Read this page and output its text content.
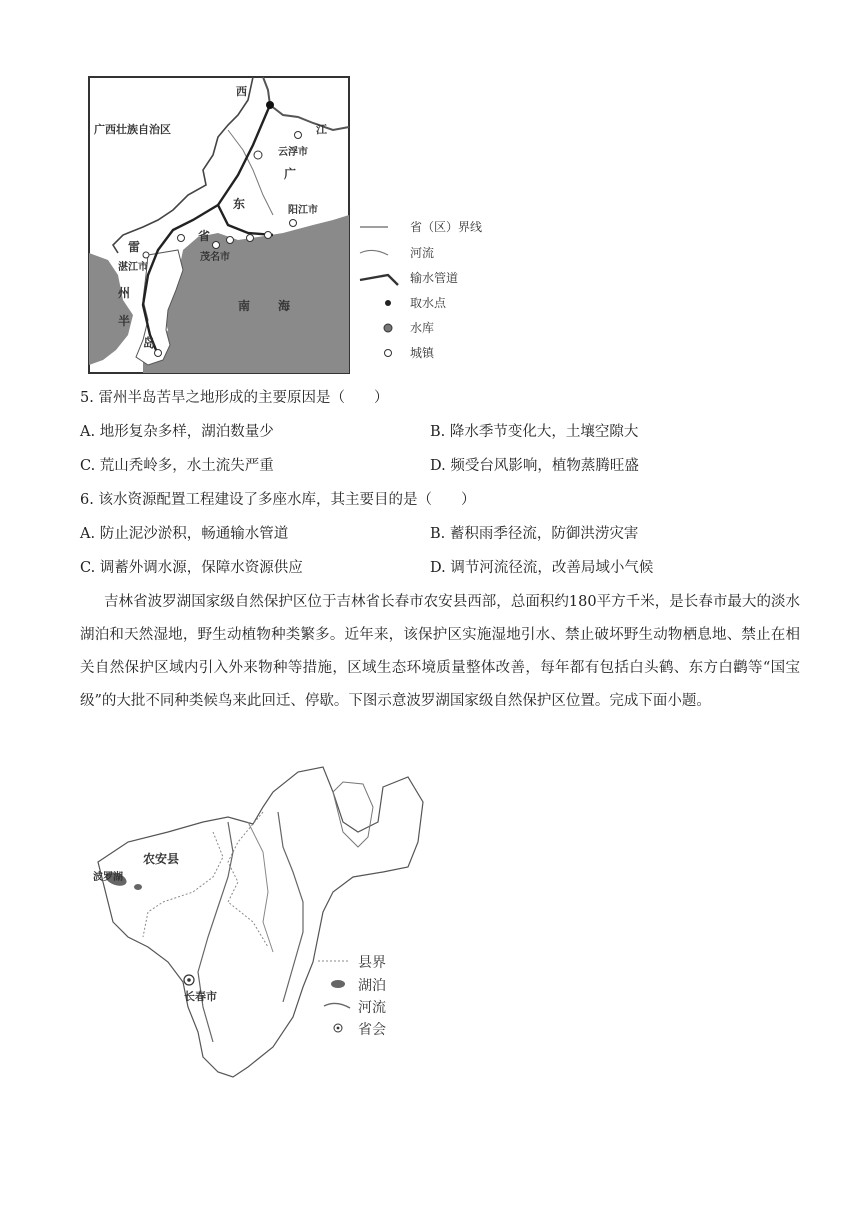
广西壮族自治区
西
江
云浮市
广
东	阳江市
雷
省
湛江市
茂名市
州
半
岛
南 海
省（区）界线
河流
输水管道
取水点
水库
城镇
5. 雷州半岛苦旱之地形成的主要原因是（　　）
A. 地形复杂多样，湖泊数量少	B. 降水季节变化大，土壤空隙大
C. 荒山秃岭多，水土流失严重	D. 频受台风影响，植物蒸腾旺盛
6. 该水资源配置工程建设了多座水库，其主要目的是（　　）
A. 防止泥沙淤积，畅通输水管道	B. 蓄积雨季径流，防御洪涝灾害
C. 调蓄外调水源，保障水资源供应	D. 调节河流径流，改善局域小气候
吉林省波罗湖国家级自然保护区位于吉林省长春市农安县西部，总面积约180平方千米，是长春市最大的淡水湖泊和天然湿地，野生动植物种类繁多。近年来，该保护区实施湿地引水、禁止破坏野生动物栖息地、禁止在相关自然保护区域内引入外来物种等措施，区域生态环境质量整体改善，每年都有包括白头鹤、东方白鹳等“国宝级”的大批不同种类候鸟来此回迁、停歇。下图示意波罗湖国家级自然保护区位置。完成下面小题。
农安县
波罗湖
长春市
县界
湖泊
河流
省会
